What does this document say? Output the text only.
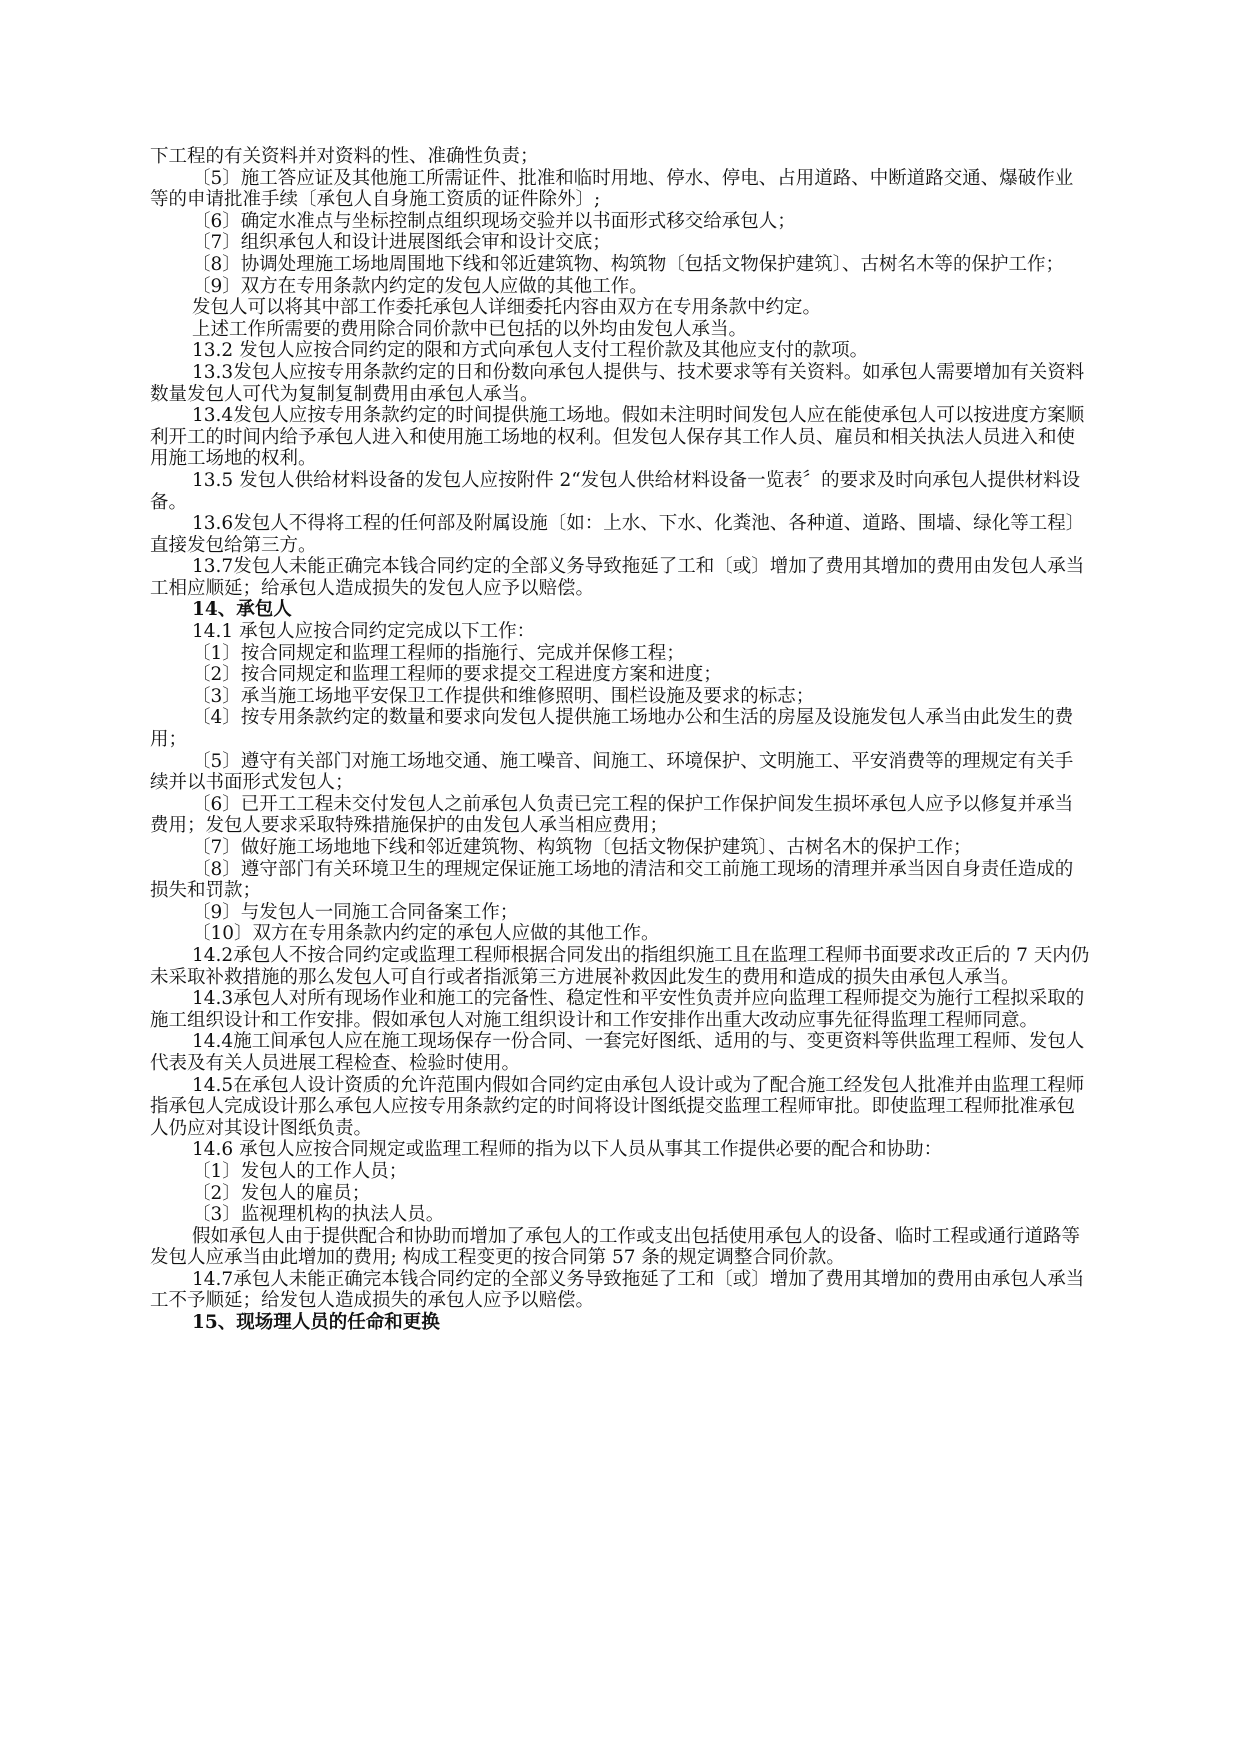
下工程的有关资料并对资料的性、准确性负责；

〔5〕施工答应证及其他施工所需证件、批准和临时用地、停水、停电、占用道路、中断道路交通、爆破作业等的申请批准手续〔承包人自身施工资质的证件除外〕;

〔6〕确定水准点与坐标控制点组织现场交验并以书面形式移交给承包人；

〔7〕组织承包人和设计进展图纸会审和设计交底；

〔8〕协调处理施工场地周围地下线和邻近建筑物、构筑物〔包括文物保护建筑〕、古树名木等的保护工作；

〔9〕双方在专用条款内约定的发包人应做的其他工作。

发包人可以将其中部工作委托承包人详细委托内容由双方在专用条款中约定。

上述工作所需要的费用除合同价款中已包括的以外均由发包人承当。

13.2 发包人应按合同约定的限和方式向承包人支付工程价款及其他应支付的款项。

13.3发包人应按专用条款约定的日和份数向承包人提供与、技术要求等有关资料。如承包人需要增加有关资料数量发包人可代为复制复制费用由承包人承当。

13.4发包人应按专用条款约定的时间提供施工场地。假如未注明时间发包人应在能使承包人可以按进度方案顺利开工的时间内给予承包人进入和使用施工场地的权利。但发包人保存其工作人员、雇员和相关执法人员进入和使用施工场地的权利。

13.5 发包人供给材料设备的发包人应按附件 2“发包人供给材料设备一览表〞的要求及时向承包人提供材料设备。

13.6发包人不得将工程的任何部及附属设施〔如：上水、下水、化粪池、各种道、道路、围墙、绿化等工程〕直接发包给第三方。

13.7发包人未能正确完本钱合同约定的全部义务导致拖延了工和〔或〕增加了费用其增加的费用由发包人承当工相应顺延；给承包人造成损失的发包人应予以赔偿。

14、承包人

14.1 承包人应按合同约定完成以下工作：

〔1〕按合同规定和监理工程师的指施行、完成并保修工程；

〔2〕按合同规定和监理工程师的要求提交工程进度方案和进度；

〔3〕承当施工场地平安保卫工作提供和维修照明、围栏设施及要求的标志；

〔4〕按专用条款约定的数量和要求向发包人提供施工场地办公和生活的房屋及设施发包人承当由此发生的费用；

〔5〕遵守有关部门对施工场地交通、施工噪音、间施工、环境保护、文明施工、平安消费等的理规定有关手续并以书面形式发包人；

〔6〕已开工工程未交付发包人之前承包人负责已完工程的保护工作保护间发生损坏承包人应予以修复并承当费用；发包人要求采取特殊措施保护的由发包人承当相应费用；

〔7〕做好施工场地地下线和邻近建筑物、构筑物〔包括文物保护建筑〕、古树名木的保护工作；

〔8〕遵守部门有关环境卫生的理规定保证施工场地的清洁和交工前施工现场的清理并承当因自身责任造成的损失和罚款；

〔9〕与发包人一同施工合同备案工作；

〔10〕双方在专用条款内约定的承包人应做的其他工作。

14.2承包人不按合同约定或监理工程师根据合同发出的指组织施工且在监理工程师书面要求改正后的 7 天内仍未采取补救措施的那么发包人可自行或者指派第三方进展补救因此发生的费用和造成的损失由承包人承当。

14.3承包人对所有现场作业和施工的完备性、稳定性和平安性负责并应向监理工程师提交为施行工程拟采取的施工组织设计和工作安排。假如承包人对施工组织设计和工作安排作出重大改动应事先征得监理工程师同意。

14.4施工间承包人应在施工现场保存一份合同、一套完好图纸、适用的与、变更资料等供监理工程师、发包人代表及有关人员进展工程检查、检验时使用。

14.5在承包人设计资质的允许范围内假如合同约定由承包人设计或为了配合施工经发包人批准并由监理工程师指承包人完成设计那么承包人应按专用条款约定的时间将设计图纸提交监理工程师审批。即使监理工程师批准承包人仍应对其设计图纸负责。

14.6 承包人应按合同规定或监理工程师的指为以下人员从事其工作提供必要的配合和协助：

〔1〕发包人的工作人员；

〔2〕发包人的雇员；

〔3〕监视理机构的执法人员。

假如承包人由于提供配合和协助而增加了承包人的工作或支出包括使用承包人的设备、临时工程或通行道路等发包人应承当由此增加的费用; 构成工程变更的按合同第 57 条的规定调整合同价款。

14.7承包人未能正确完本钱合同约定的全部义务导致拖延了工和〔或〕增加了费用其增加的费用由承包人承当工不予顺延；给发包人造成损失的承包人应予以赔偿。

15、现场理人员的任命和更换
